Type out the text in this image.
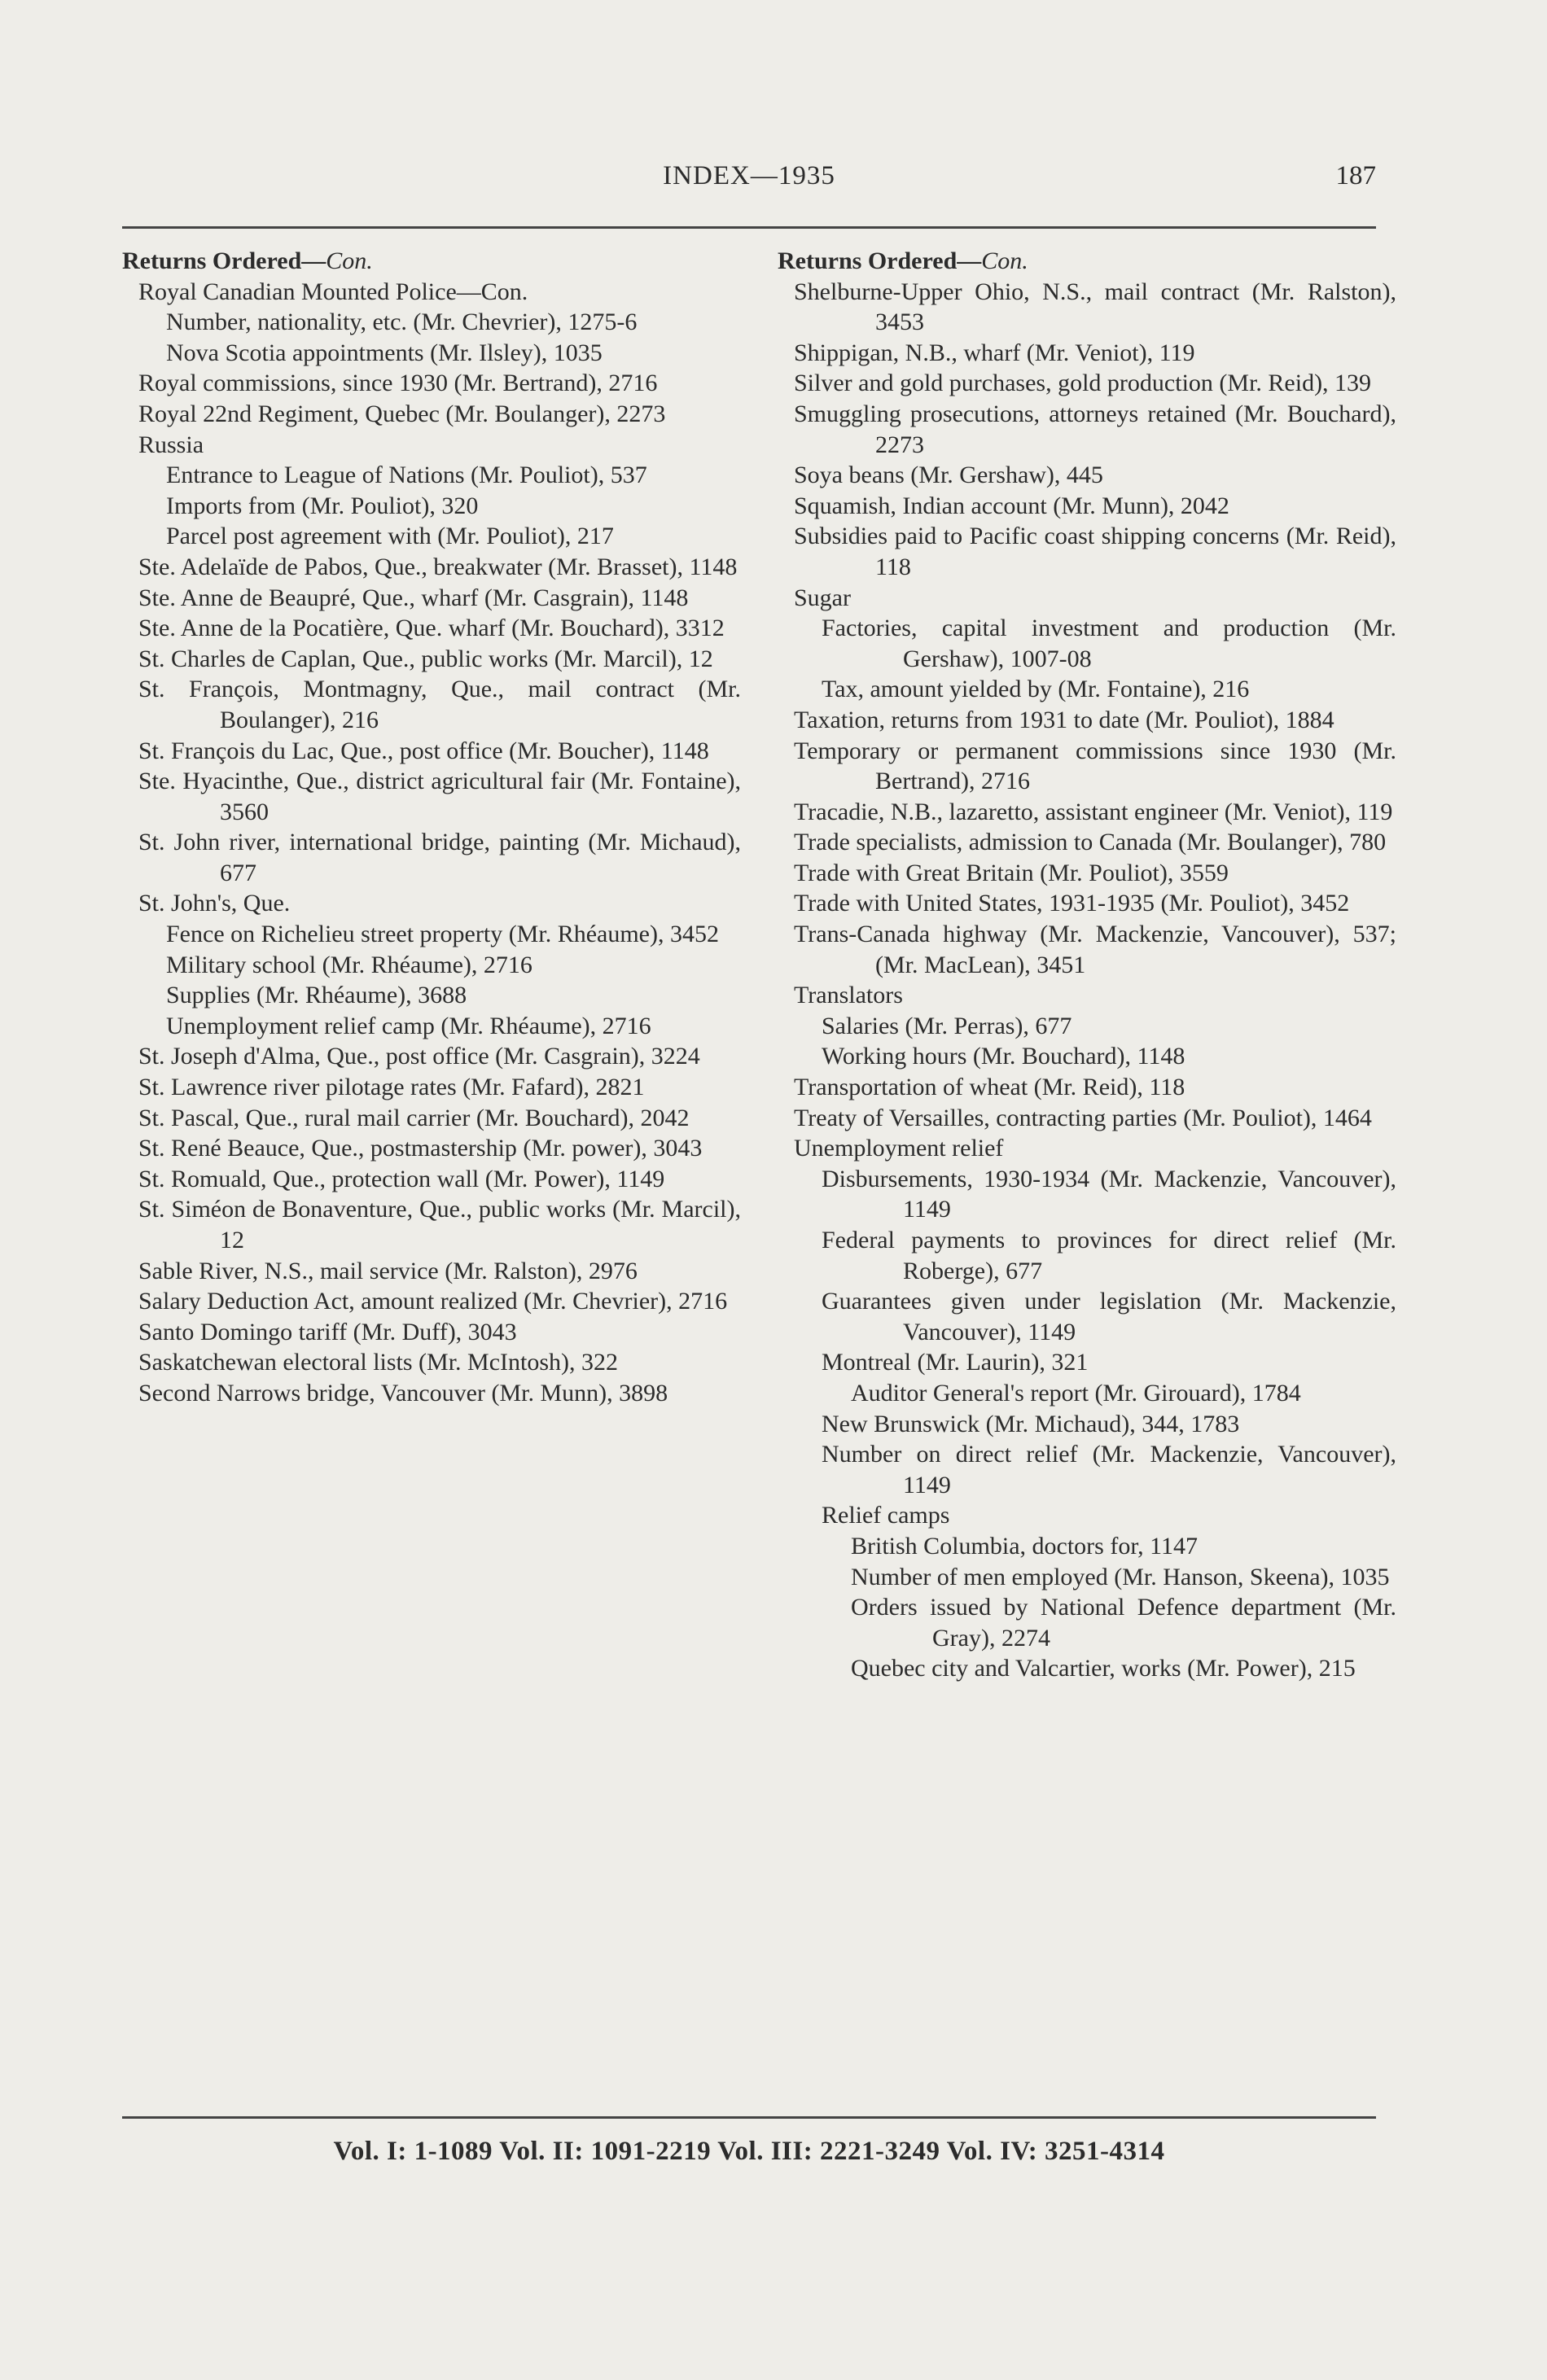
INDEX—1935	187
Returns Ordered—Con.
Royal Canadian Mounted Police—Con.
Number, nationality, etc. (Mr. Chevrier), 1275-6
Nova Scotia appointments (Mr. Ilsley), 1035
Royal commissions, since 1930 (Mr. Bertrand), 2716
Royal 22nd Regiment, Quebec (Mr. Boulanger), 2273
Russia
Entrance to League of Nations (Mr. Pouliot), 537
Imports from (Mr. Pouliot), 320
Parcel post agreement with (Mr. Pouliot), 217
Ste. Adelaïde de Pabos, Que., breakwater (Mr. Brasset), 1148
Ste. Anne de Beaupré, Que., wharf (Mr. Casgrain), 1148
Ste. Anne de la Pocatière, Que. wharf (Mr. Bouchard), 3312
St. Charles de Caplan, Que., public works (Mr. Marcil), 12
St. François, Montmagny, Que., mail contract (Mr. Boulanger), 216
St. François du Lac, Que., post office (Mr. Boucher), 1148
Ste. Hyacinthe, Que., district agricultural fair (Mr. Fontaine), 3560
St. John river, international bridge, painting (Mr. Michaud), 677
St. John's, Que.
Fence on Richelieu street property (Mr. Rhéaume), 3452
Military school (Mr. Rhéaume), 2716
Supplies (Mr. Rhéaume), 3688
Unemployment relief camp (Mr. Rhéaume), 2716
St. Joseph d'Alma, Que., post office (Mr. Casgrain), 3224
St. Lawrence river pilotage rates (Mr. Fafard), 2821
St. Pascal, Que., rural mail carrier (Mr. Bouchard), 2042
St. René Beauce, Que., postmastership (Mr. power), 3043
St. Romuald, Que., protection wall (Mr. Power), 1149
St. Siméon de Bonaventure, Que., public works (Mr. Marcil), 12
Sable River, N.S., mail service (Mr. Ralston), 2976
Salary Deduction Act, amount realized (Mr. Chevrier), 2716
Santo Domingo tariff (Mr. Duff), 3043
Saskatchewan electoral lists (Mr. McIntosh), 322
Second Narrows bridge, Vancouver (Mr. Munn), 3898
Returns Ordered—Con.
Shelburne-Upper Ohio, N.S., mail contract (Mr. Ralston), 3453
Shippigan, N.B., wharf (Mr. Veniot), 119
Silver and gold purchases, gold production (Mr. Reid), 139
Smuggling prosecutions, attorneys retained (Mr. Bouchard), 2273
Soya beans (Mr. Gershaw), 445
Squamish, Indian account (Mr. Munn), 2042
Subsidies paid to Pacific coast shipping concerns (Mr. Reid), 118
Sugar
Factories, capital investment and production (Mr. Gershaw), 1007-08
Tax, amount yielded by (Mr. Fontaine), 216
Taxation, returns from 1931 to date (Mr. Pouliot), 1884
Temporary or permanent commissions since 1930 (Mr. Bertrand), 2716
Tracadie, N.B., lazaretto, assistant engineer (Mr. Veniot), 119
Trade specialists, admission to Canada (Mr. Boulanger), 780
Trade with Great Britain (Mr. Pouliot), 3559
Trade with United States, 1931-1935 (Mr. Pouliot), 3452
Trans-Canada highway (Mr. Mackenzie, Vancouver), 537; (Mr. MacLean), 3451
Translators
Salaries (Mr. Perras), 677
Working hours (Mr. Bouchard), 1148
Transportation of wheat (Mr. Reid), 118
Treaty of Versailles, contracting parties (Mr. Pouliot), 1464
Unemployment relief
Disbursements, 1930-1934 (Mr. Mackenzie, Vancouver), 1149
Federal payments to provinces for direct relief (Mr. Roberge), 677
Guarantees given under legislation (Mr. Mackenzie, Vancouver), 1149
Montreal (Mr. Laurin), 321
Auditor General's report (Mr. Girouard), 1784
New Brunswick (Mr. Michaud), 344, 1783
Number on direct relief (Mr. Mackenzie, Vancouver), 1149
Relief camps
British Columbia, doctors for, 1147
Number of men employed (Mr. Hanson, Skeena), 1035
Orders issued by National Defence department (Mr. Gray), 2274
Quebec city and Valcartier, works (Mr. Power), 215
Vol. I: 1-1089 Vol. II: 1091-2219 Vol. III: 2221-3249 Vol. IV: 3251-4314
